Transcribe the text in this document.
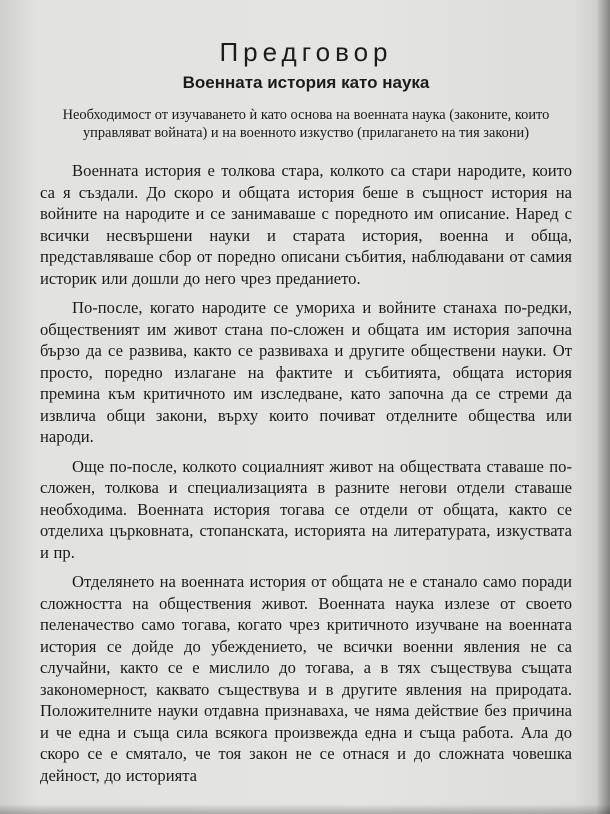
Предговор
Военната история като наука

Необходимост от изучаването ѝ като основа на военната наука (законите, които управляват войната) и на военното изкуство (прилагането на тия закони)

Военната история е толкова стара, колкото са стари народите, които са я създали. До скоро и общата история беше в същност история на войните на народите и се занимаваше с поредното им описание. Наред с всички несвършени науки и старата история, военна и обща, представляваше сбор от поредно описани събития, наблюдавани от самия историк или дошли до него чрез преданието.

По-после, когато народите се умориха и войните станаха по-редки, общественият им живот стана по-сложен и общата им история започна бързо да се развива, както се развиваха и другите обществени науки. От просто, поредно излагане на фактите и събитията, общата история премина към критичното им изследване, като започна да се стреми да извлича общи закони, върху които почиват отделните общества или народи.

Още по-после, колкото социалният живот на обществата ставаше по-сложен, толкова и специализацията в разните негови отдели ставаше необходима. Военната история тогава се отдели от общата, както се отделиха църковната, стопанската, историята на литературата, изкуствата и пр.

Отделянето на военната история от общата не е станало само поради сложността на обществения живот. Военната наука излезе от своето пеленачество само тогава, когато чрез критичното изучване на военната история се дойде до убеждението, че всички военни явления не са случайни, както се е мислило до тогава, а в тях съществува същата закономерност, каквато съществува и в другите явления на природата. Положителните науки отдавна признаваха, че няма действие без причина и че една и съща сила всякога произвежда една и съща работа. Ала до скоро се е смятало, че тоя закон не се отнася и до сложната човешка дейност, до историята
